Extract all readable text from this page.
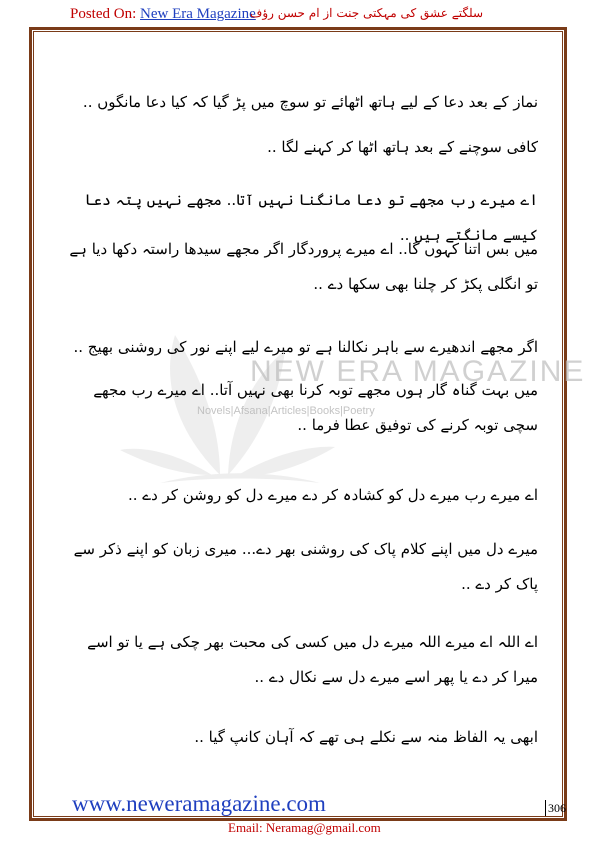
Posted On: New Era Magazine
سلگتے عشق کی مہکتی جنت از ام حسن رؤف
NEW ERA MAGAZINE
Novels|Afsana|Articles|Books|Poetry
نماز کے بعد دعا کے لیے ہاتھ اٹھائے تو سوچ میں پڑ گیا کہ کیا دعا مانگوں ..
کافی سوچنے کے بعد ہاتھ اٹھا کر کہنے لگا ..
اے میرے رب مجھے تو دعا مانگنا نہیں آتا.. مجھے نہیں پتہ دعا کیسے مانگتے ہیں ..
میں بس اتنا کہوں گا.. اے میرے پروردگار اگر مجھے سیدھا راستہ دکھا دیا ہے تو انگلی پکڑ کر چلنا بھی سکھا دے ..
اگر مجھے اندھیرے سے باہر نکالنا ہے تو میرے لیے اپنے نور کی روشنی بھیج ..
میں بہت گناہ گار ہوں مجھے توبہ کرنا بھی نہیں آتا.. اے میرے رب مجھے سچی توبہ کرنے کی توفیق عطا فرما ..
اے میرے رب میرے دل کو کشادہ کر دے میرے دل کو روشن کر دے ..
میرے دل میں اپنے کلام پاک کی روشنی بھر دے... میری زبان کو اپنے ذکر سے پاک کر دے ..
اے اللہ اے میرے اللہ میرے دل میں کسی کی محبت بھر چکی ہے یا تو اسے میرا کر دے یا پھر اسے میرے دل سے نکال دے ..
ابھی یہ الفاظ منہ سے نکلے ہی تھے کہ آہان کانپ گیا ..
www.neweramagazine.com	306
Email: Neramag@gmail.com
